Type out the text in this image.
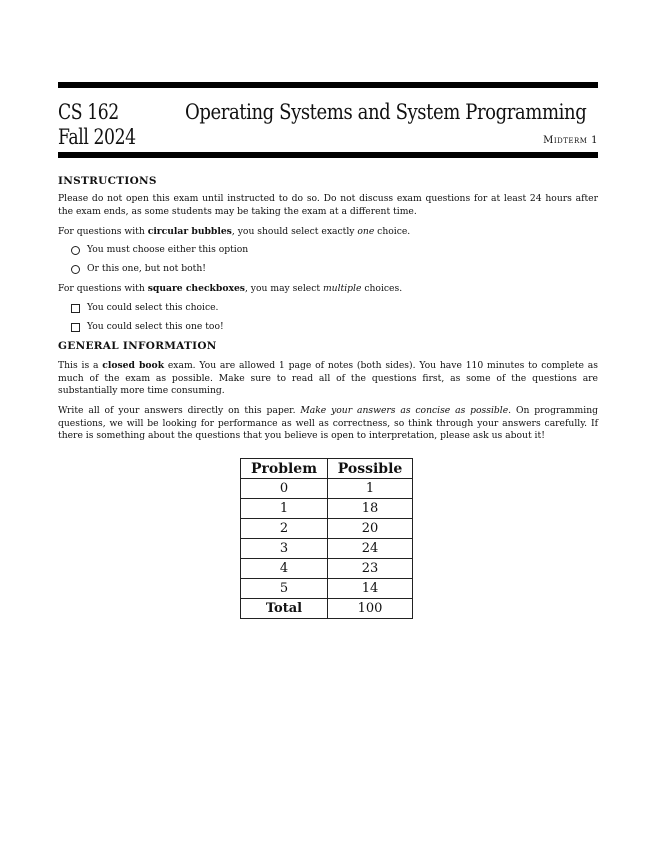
CS 162	Operating Systems and System Programming
Fall 2024	Midterm 1
INSTRUCTIONS
Please do not open this exam until instructed to do so. Do not discuss exam questions for at least 24 hours after the exam ends, as some students may be taking the exam at a different time.
For questions with circular bubbles, you should select exactly one choice.
You must choose either this option
Or this one, but not both!
For questions with square checkboxes, you may select multiple choices.
You could select this choice.
You could select this one too!
GENERAL INFORMATION
This is a closed book exam. You are allowed 1 page of notes (both sides). You have 110 minutes to complete as much of the exam as possible. Make sure to read all of the questions first, as some of the questions are substantially more time consuming.
Write all of your answers directly on this paper. Make your answers as concise as possible. On programming questions, we will be looking for performance as well as correctness, so think through your answers carefully. If there is something about the questions that you believe is open to interpretation, please ask us about it!
Problem	Possible
0	1
1	18
2	20
3	24
4	23
5	14
Total	100
